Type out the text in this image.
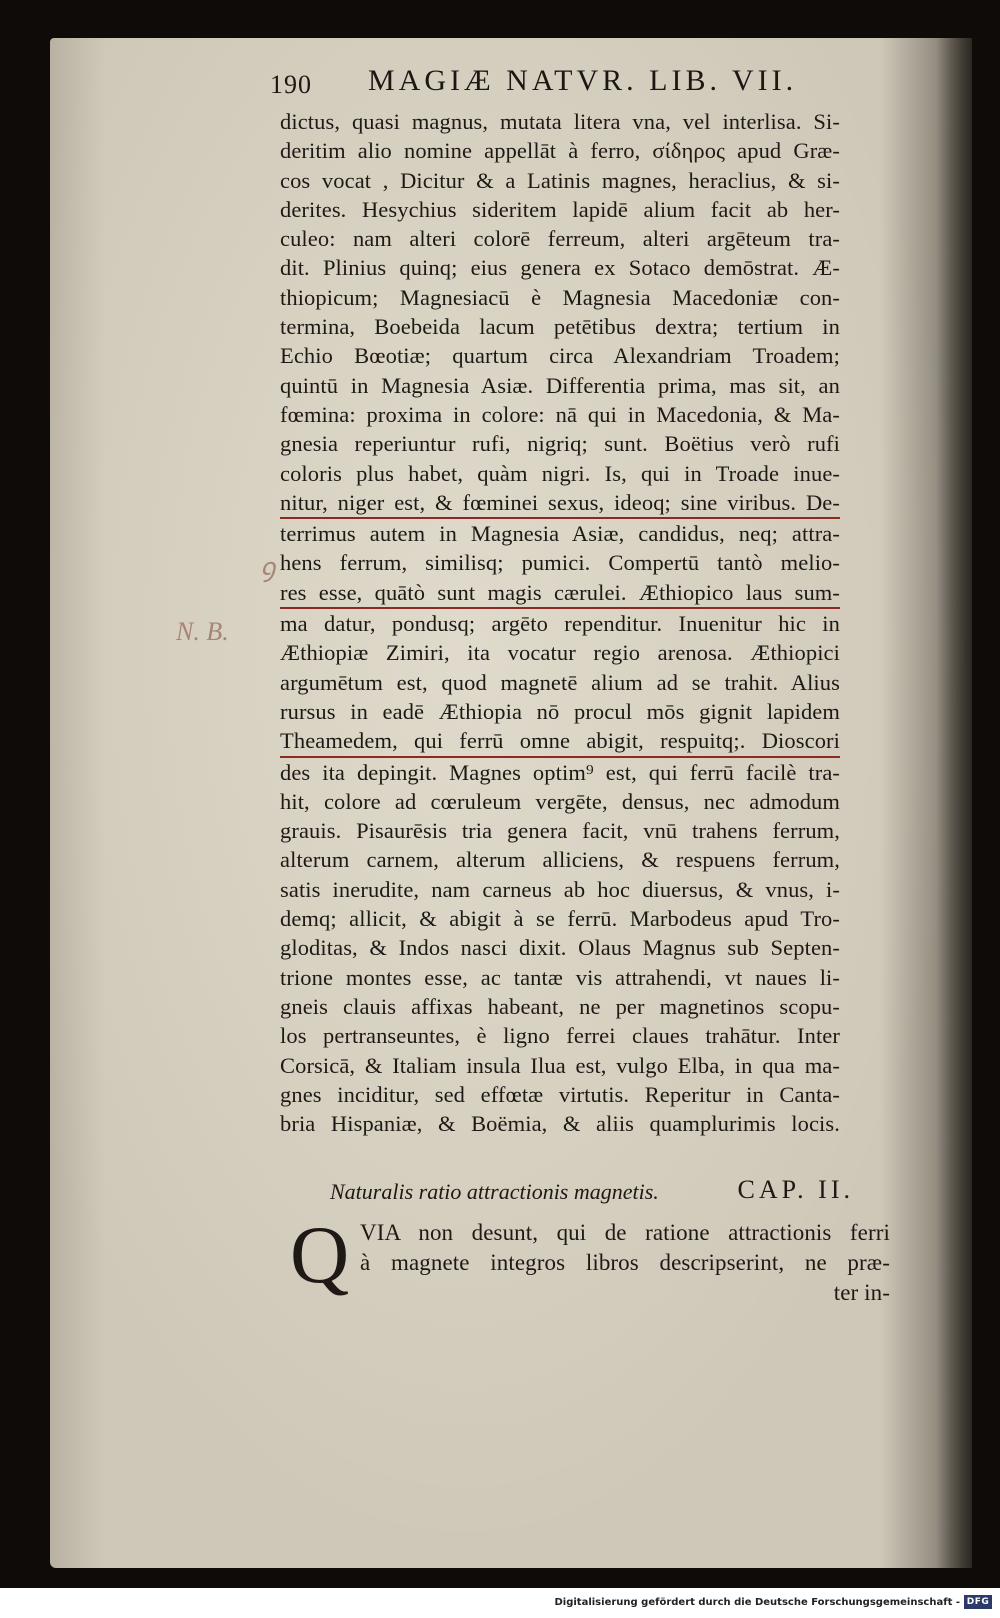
190 MAGIÆ NATVR. LIB. VII.
ꝯ
N. B.
dictus, quasi magnus, mutata litera vna, vel interlisa. Si-
deritim alio nomine appellāt à ferro, σίδηρος apud Græ-
cos vocat , Dicitur & a Latinis magnes, heraclius, & si-
derites. Hesychius sideritem lapidē alium facit ab her-
culeo: nam alteri colorē ferreum, alteri argēteum tra-
dit. Plinius quinq; eius genera ex Sotaco demōstrat. Æ-
thiopicum; Magnesiacū è Magnesia Macedoniæ con-
termina, Boebeida lacum petētibus dextra; tertium in
Echio Bœotiæ; quartum circa Alexandriam Troadem;
quintū in Magnesia Asiæ. Differentia prima, mas sit, an
fœmina: proxima in colore: nā qui in Macedonia, & Ma-
gnesia reperiuntur rufi, nigriq; sunt. Boëtius verò rufi
coloris plus habet, quàm nigri. Is, qui in Troade inue-
nitur, niger est, & fœminei sexus, ideoq; sine viribus. De-
terrimus autem in Magnesia Asiæ, candidus, neq; attra-
hens ferrum, similisq; pumici. Compertū tantò melio-
res esse, quātò sunt magis cærulei. Æthiopico laus sum-
ma datur, pondusq; argēto rependitur. Inuenitur hic in
Æthiopiæ Zimiri, ita vocatur regio arenosa. Æthiopici
argumētum est, quod magnetē alium ad se trahit. Alius
rursus in eadē Æthiopia nō procul mōs gignit lapidem
Theamedem, qui ferrū omne abigit, respuitq;. Dioscori
des ita depingit. Magnes optim⁹ est, qui ferrū facilè tra-
hit, colore ad cœruleum vergēte, densus, nec admodum
grauis. Pisaurēsis tria genera facit, vnū trahens ferrum,
alterum carnem, alterum alliciens, & respuens ferrum,
satis inerudite, nam carneus ab hoc diuersus, & vnus, i-
demq; allicit, & abigit à se ferrū. Marbodeus apud Tro-
gloditas, & Indos nasci dixit. Olaus Magnus sub Septen-
trione montes esse, ac tantæ vis attrahendi, vt naues li-
gneis clauis affixas habeant, ne per magnetinos scopu-
los pertranseuntes, è ligno ferrei claues trahātur. Inter
Corsicā, & Italiam insula Ilua est, vulgo Elba, in qua ma-
gnes inciditur, sed effœtæ virtutis. Reperitur in Canta-
bria Hispaniæ, & Boëmia, & aliis quamplurimis locis.
Naturalis ratio attractionis magnetis.	CAP. II.
Q VIA non desunt, qui de ratione attractionis ferri
à magnete integros libros descripserint, ne præ-
ter in-
Digitalisierung gefördert durch die Deutsche Forschungsgemeinschaft - DFG
